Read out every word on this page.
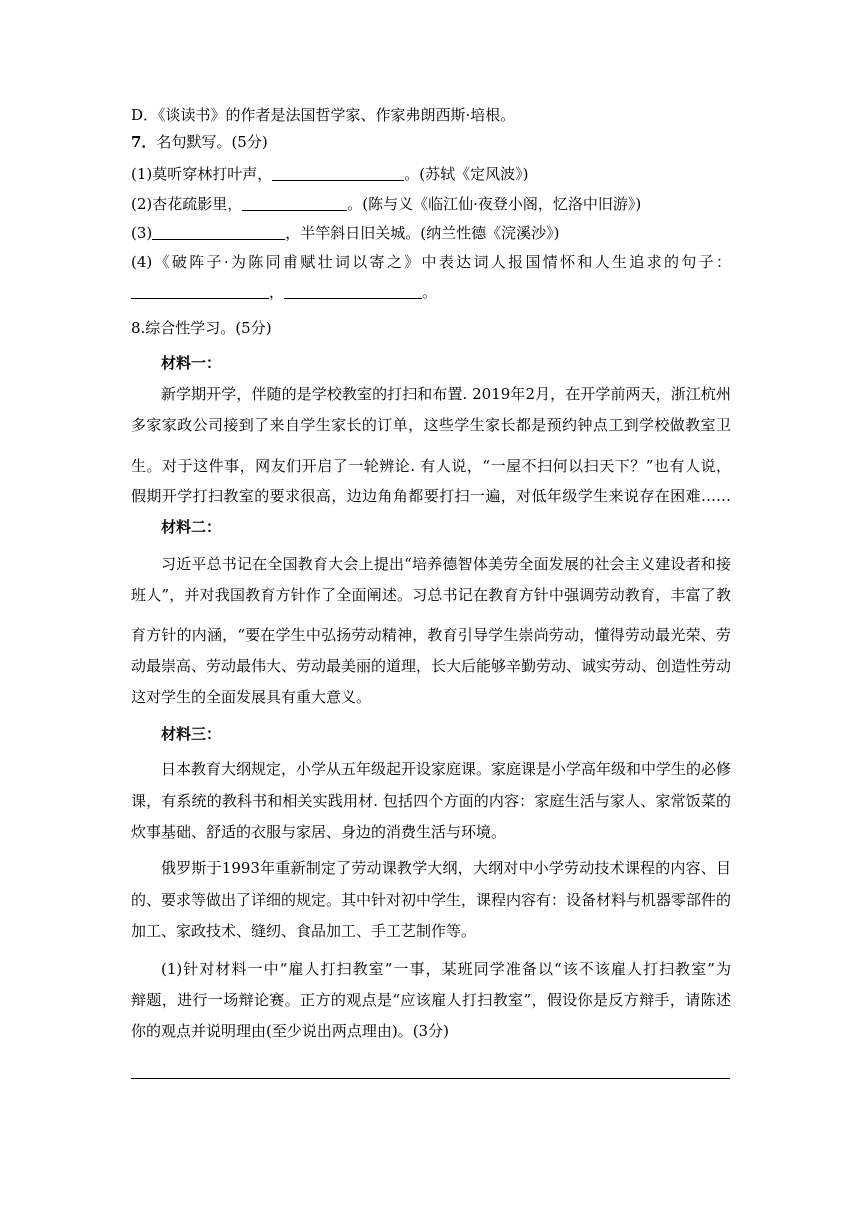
D．《谈读书》的作者是法国哲学家、作家弗朗西斯·培根。
7．名句默写。(5分)
(1)莫听穿林打叶声，	。(苏轼《定风波》)
(2)杏花疏影里，	。(陈与义《临江仙·夜登小阁，忆洛中旧游》)
(3)	，半竿斜日旧关城。(纳兰性德《浣溪沙》)
(4)《破阵子·为陈同甫赋壮词以寄之》中表达词人报国情怀和人生追求的句子：
，	。
8.综合性学习。(5分)
材料一：
新学期开学，伴随的是学校教室的打扫和布置. 2019年2月，在开学前两天，浙江杭州
多家家政公司接到了来自学生家长的订单，这些学生家长都是预约钟点工到学校做教室卫
生。对于这件事，网友们开启了一轮辨论. 有人说，“一屋不扫何以扫天下？”也有人说，
假期开学打扫教室的要求很高，边边角角都要打扫一遍，对低年级学生来说存在困难……
材料二：
习近平总书记在全国教育大会上提出“培养德智体美劳全面发展的社会主义建设者和接
班人”，并对我国教育方针作了全面阐述。习总书记在教育方针中强调劳动教育，丰富了教
育方针的内涵，“要在学生中弘扬劳动精神，教育引导学生崇尚劳动，懂得劳动最光荣、劳
动最崇高、劳动最伟大、劳动最美丽的道理，长大后能够辛勤劳动、诚实劳动、创造性劳动
这对学生的全面发展具有重大意义。
材料三：
日本教育大纲规定，小学从五年级起开设家庭课。家庭课是小学高年级和中学生的必修
课，有系统的教科书和相关实践用材. 包括四个方面的内容：家庭生活与家人、家常饭菜的
炊事基础、舒适的衣服与家居、身边的消费生活与环境。
俄罗斯于1993年重新制定了劳动课教学大纲，大纲对中小学劳动技术课程的内容、目
的、要求等做出了详细的规定。其中针对初中学生，课程内容有：设备材料与机器零部件的
加工、家政技术、缝纫、食品加工、手工艺制作等。
(1)针对材料一中“雇人打扫教室”一事，某班同学准备以“该不该雇人打扫教室”为
辩题，进行一场辩论赛。正方的观点是“应该雇人打扫教室”，假设你是反方辩手，请陈述
你的观点并说明理由(至少说出两点理由)。(3分)
